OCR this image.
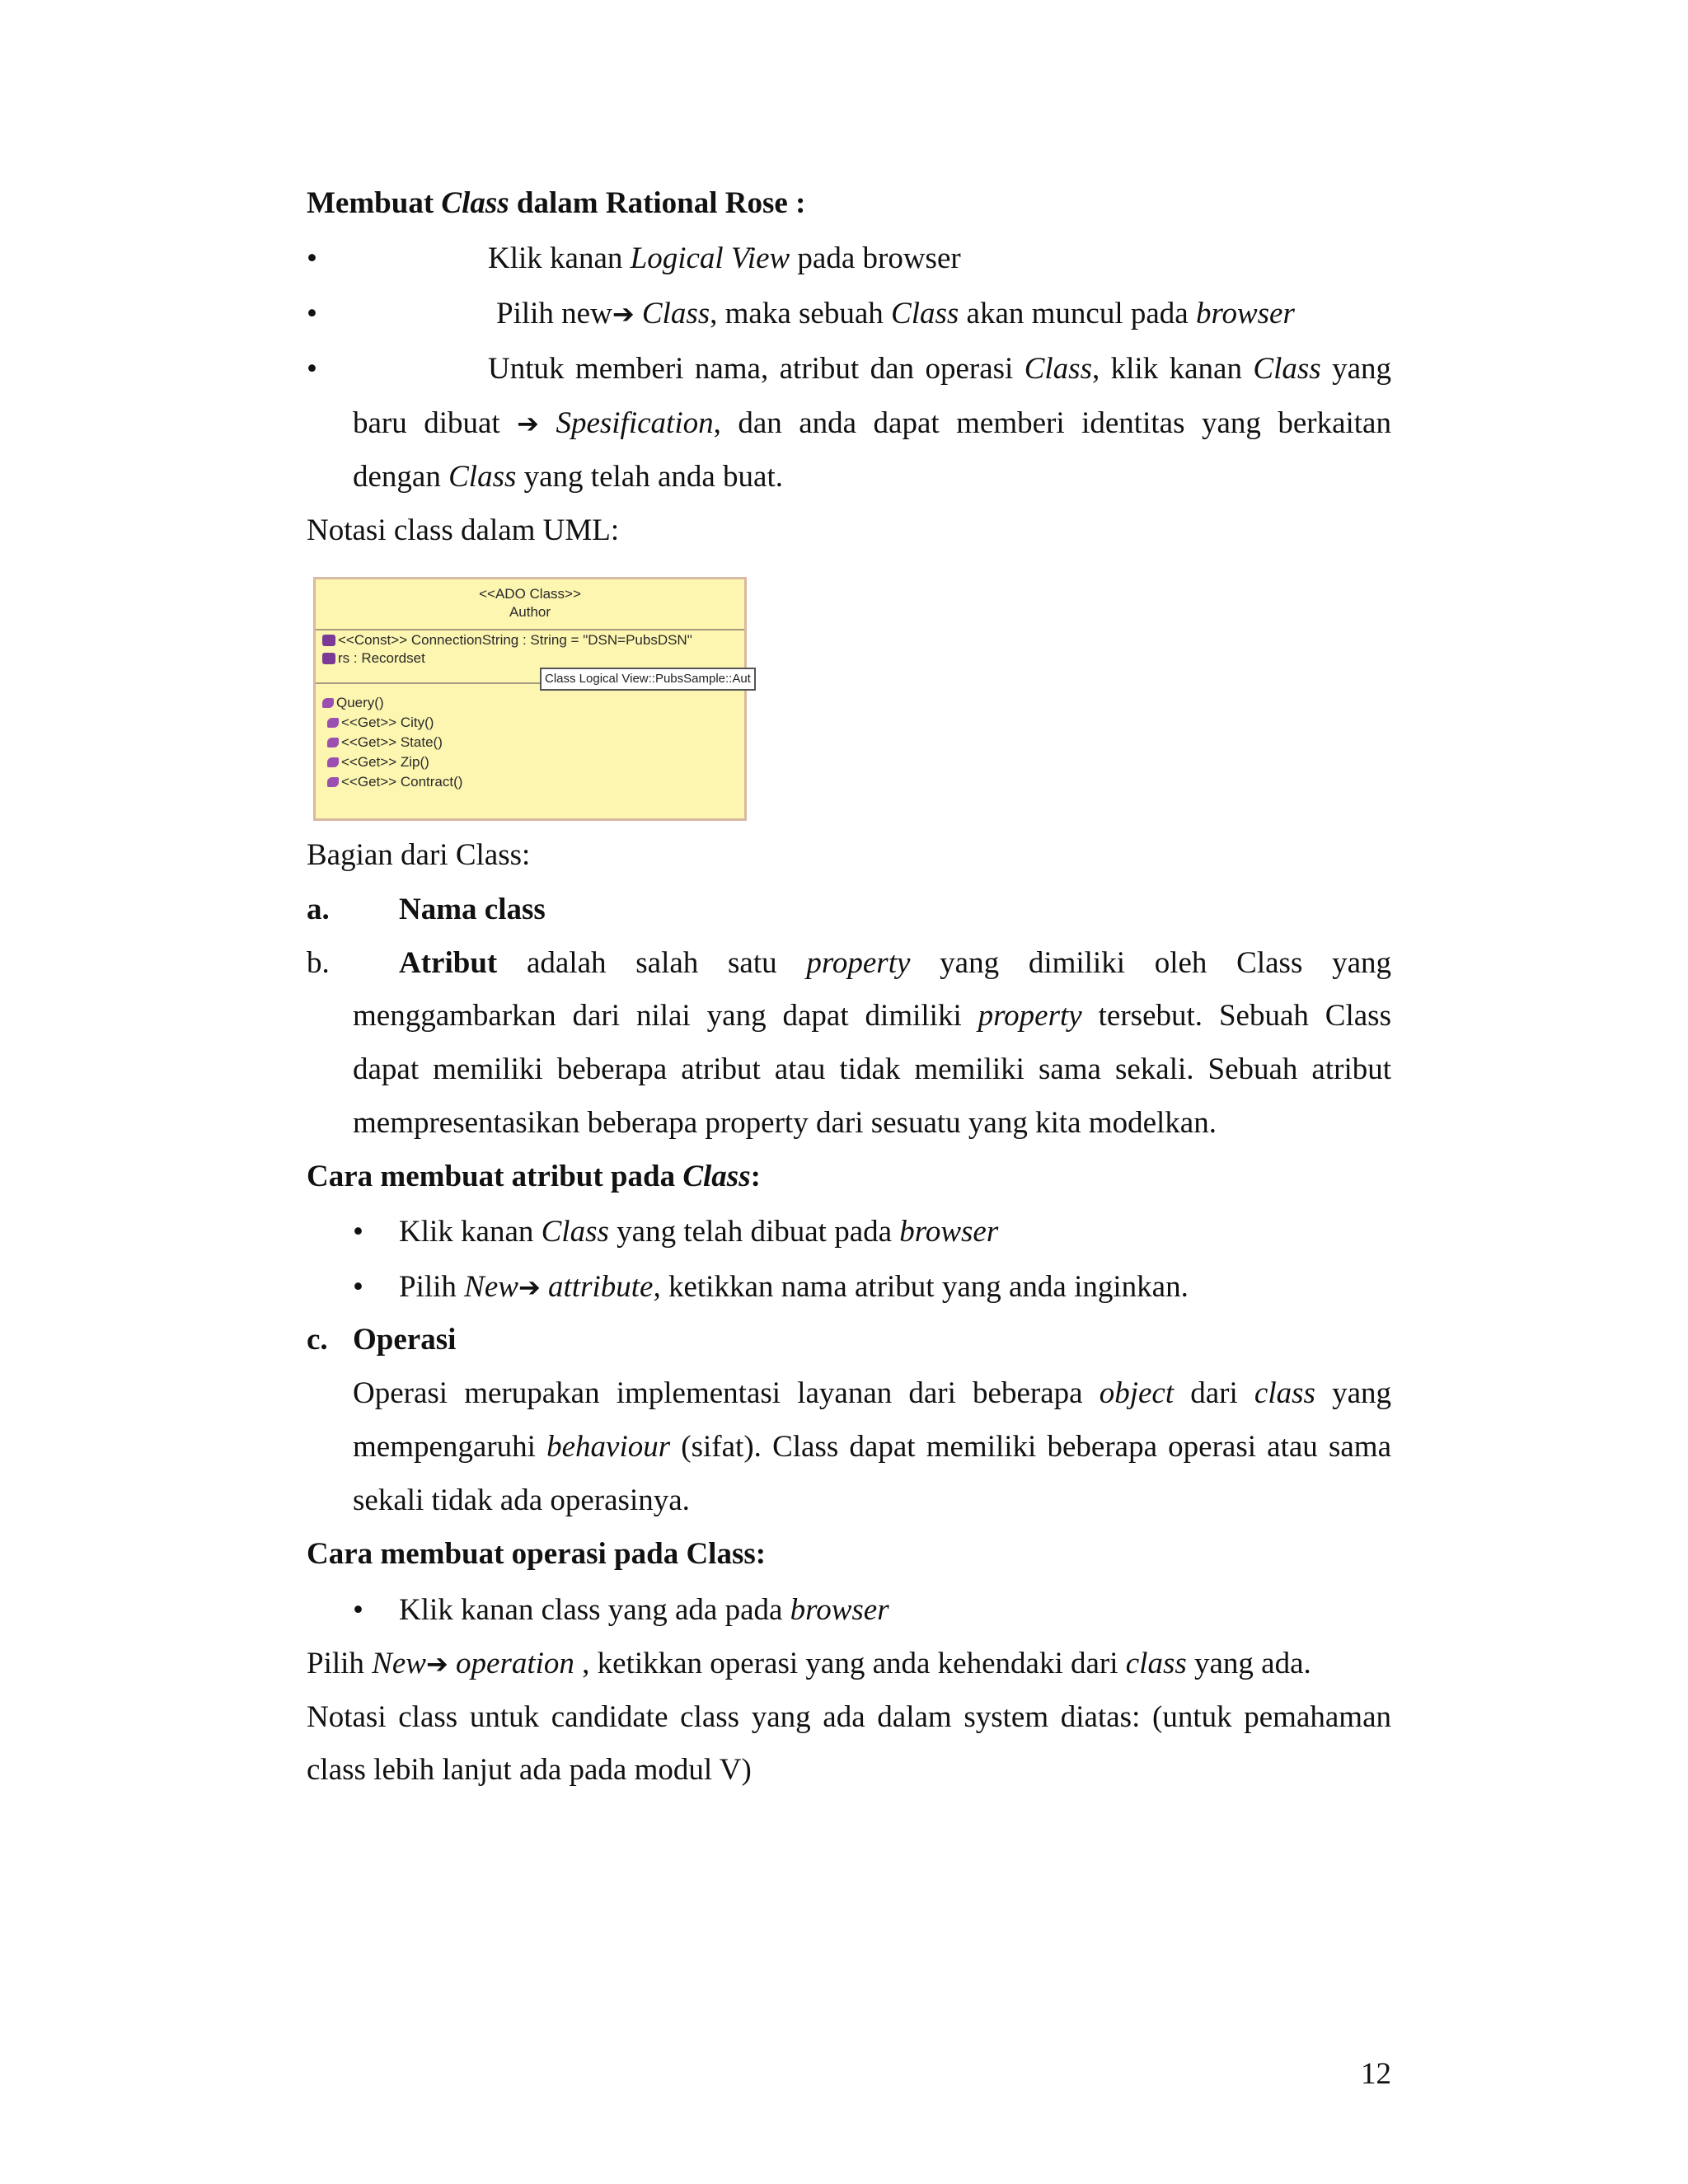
Membuat Class dalam Rational Rose :
•	Klik kanan Logical View pada browser
•	Pilih new➔ Class, maka sebuah Class akan muncul pada browser
•	Untuk memberi nama, atribut dan operasi Class, klik kanan Class yang
baru dibuat ➔ Spesification, dan anda dapat memberi identitas yang berkaitan
dengan Class yang telah anda buat.
Notasi class dalam UML:
Bagian dari Class:
a. Nama class
b. Atribut adalah salah satu property yang dimiliki oleh Class yang
menggambarkan dari nilai yang dapat dimiliki property tersebut. Sebuah Class
dapat memiliki beberapa atribut atau tidak memiliki sama sekali. Sebuah atribut
mempresentasikan beberapa property dari sesuatu yang kita modelkan.
Cara membuat atribut pada Class:
• Klik kanan Class yang telah dibuat pada browser
• Pilih New➔ attribute, ketikkan nama atribut yang anda inginkan.
c. Operasi
Operasi merupakan implementasi layanan dari beberapa object dari class yang
mempengaruhi behaviour (sifat). Class dapat memiliki beberapa operasi atau sama
sekali tidak ada operasinya.
Cara membuat operasi pada Class:
• Klik kanan class yang ada pada browser
Pilih New➔ operation , ketikkan operasi yang anda kehendaki dari class yang ada.
Notasi class untuk candidate class yang ada dalam system diatas: (untuk pemahaman
class lebih lanjut ada pada modul V)
<<ADO Class>>
Author
<<Const>> ConnectionString : String = "DSN=PubsDSN"
rs : Recordset
Query()
<<Get>> City()
<<Get>> State()
<<Get>> Zip()
<<Get>> Contract()
Class Logical View::PubsSample::Aut
12
